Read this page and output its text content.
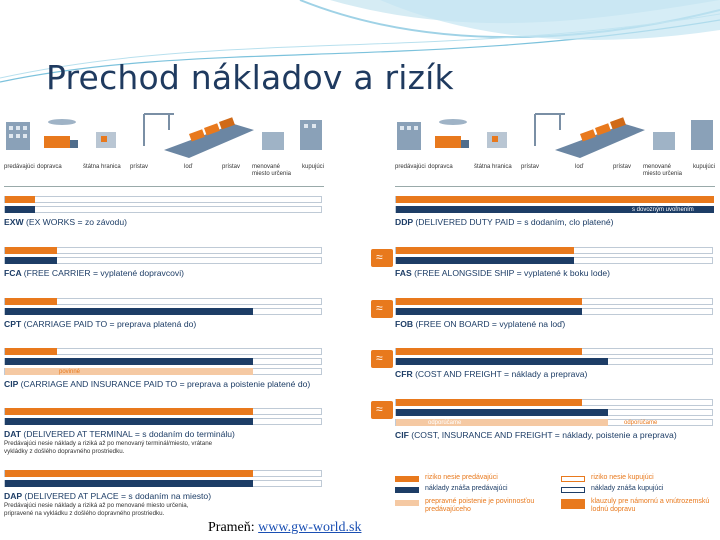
Prechod nákladov a rizík
predávajúci dopravca	štátna hranica prístav	loď	prístav menované miesto určenia
kupujúci
EXW (EX WORKS = zo závodu)
FCA (FREE CARRIER = vyplatené dopravcovi)
CPT (CARRIAGE PAID TO = preprava platená do)
povinné
CIP (CARRIAGE AND INSURANCE PAID TO = preprava a poistenie platené do)
DAT (DELIVERED AT TERMINAL = s dodaním do terminálu)
Predávajúci nesie náklady a riziká až po menovaný terminál/miesto, vrátane vykládky z došlého dopravného prostriedku.
DAP (DELIVERED AT PLACE = s dodaním na miesto)
Predávajúci nesie náklady a riziká až po menované miesto určenia, pripravené na vykládku z došlého dopravného prostriedku.
predávajúci dopravca	štátna hranica prístav	loď	prístav menované miesto určenia
kupujúci
s dovozným uvoľnením
DDP (DELIVERED DUTY PAID = s dodaním, clo platené)
≈
FAS (FREE ALONGSIDE SHIP = vyplatené k boku lode)
≈
FOB (FREE ON BOARD = vyplatené na loď)
≈
CFR (COST AND FREIGHT = náklady a preprava)
≈
odporúčame	odporúčame
CIF (COST, INSURANCE AND FREIGHT = náklady, poistenie a preprava)
riziko nesie predávajúci	riziko nesie kupujúci
náklady znáša predávajúci	náklady znáša kupujúci
prepravné poistenie je povinnosťou predávajúceho
klauzuly pre námornú a vnútrozemskú lodnú dopravu
Prameň: www.gw-world.sk
